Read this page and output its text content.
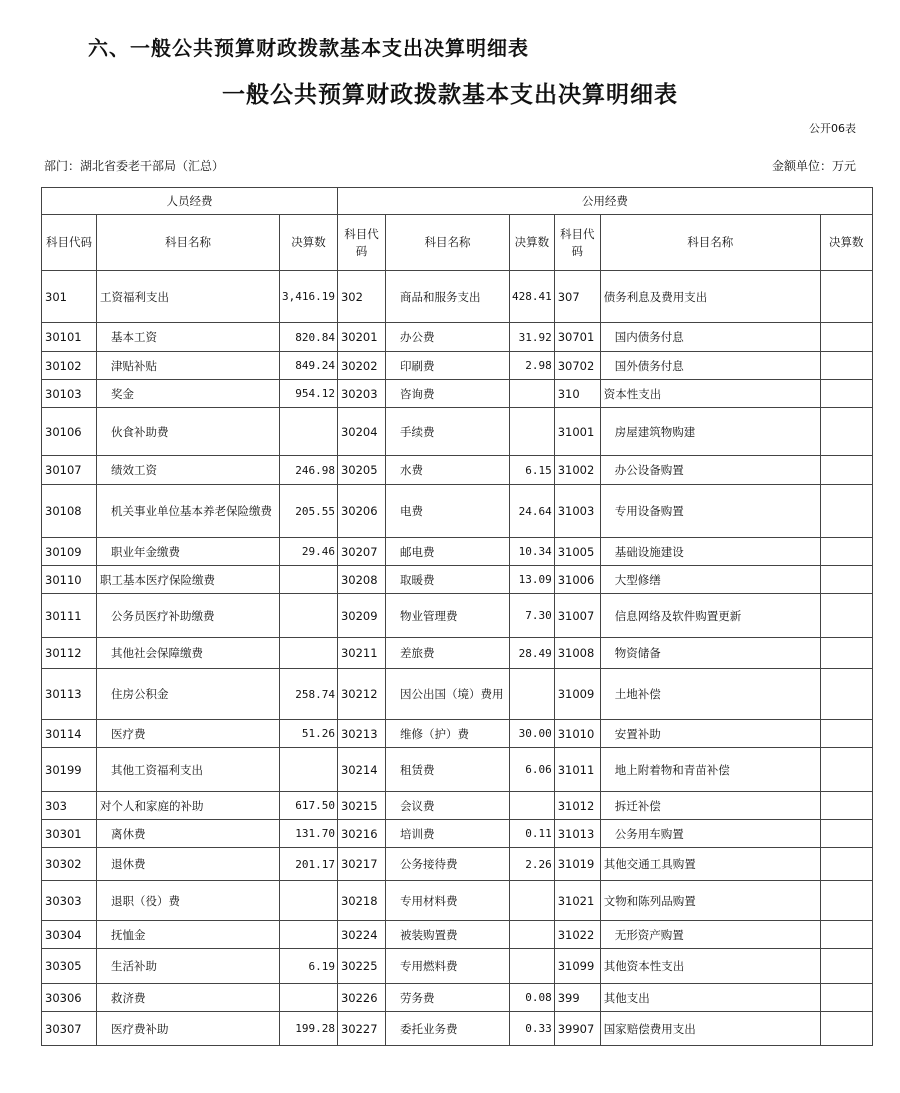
六、一般公共预算财政拨款基本支出决算明细表
一般公共预算财政拨款基本支出决算明细表
公开06表
部门：湖北省委老干部局（汇总）	金额单位：万元
人员经费			公用经费					
科目代码	科目名称	决算数	科目代码	科目名称	决算数	科目代码	科目名称	决算数
301	工资福利支出	3,416.19	302	商品和服务支出	428.41	307	债务利息及费用支出	
30101	基本工资	820.84	30201	办公费	31.92	30701	国内债务付息	
30102	津贴补贴	849.24	30202	印刷费	2.98	30702	国外债务付息	
30103	奖金	954.12	30203	咨询费		310	资本性支出	
30106	伙食补助费		30204	手续费		31001	房屋建筑物购建	
30107	绩效工资	246.98	30205	水费	6.15	31002	办公设备购置	
30108	机关事业单位基本养老保险缴费	205.55	30206	电费	24.64	31003	专用设备购置	
30109	职业年金缴费	29.46	30207	邮电费	10.34	31005	基础设施建设	
30110	职工基本医疗保险缴费		30208	取暖费	13.09	31006	大型修缮	
30111	公务员医疗补助缴费		30209	物业管理费	7.30	31007	信息网络及软件购置更新	
30112	其他社会保障缴费		30211	差旅费	28.49	31008	物资储备	
30113	住房公积金	258.74	30212	因公出国（境）费用		31009	土地补偿	
30114	医疗费	51.26	30213	维修（护）费	30.00	31010	安置补助	
30199	其他工资福利支出		30214	租赁费	6.06	31011	地上附着物和青苗补偿	
303	对个人和家庭的补助	617.50	30215	会议费		31012	拆迁补偿	
30301	离休费	131.70	30216	培训费	0.11	31013	公务用车购置	
30302	退休费	201.17	30217	公务接待费	2.26	31019	其他交通工具购置	
30303	退职（役）费		30218	专用材料费		31021	文物和陈列品购置	
30304	抚恤金		30224	被装购置费		31022	无形资产购置	
30305	生活补助	6.19	30225	专用燃料费		31099	其他资本性支出	
30306	救济费		30226	劳务费	0.08	399	其他支出	
30307	医疗费补助	199.28	30227	委托业务费	0.33	39907	国家赔偿费用支出	
